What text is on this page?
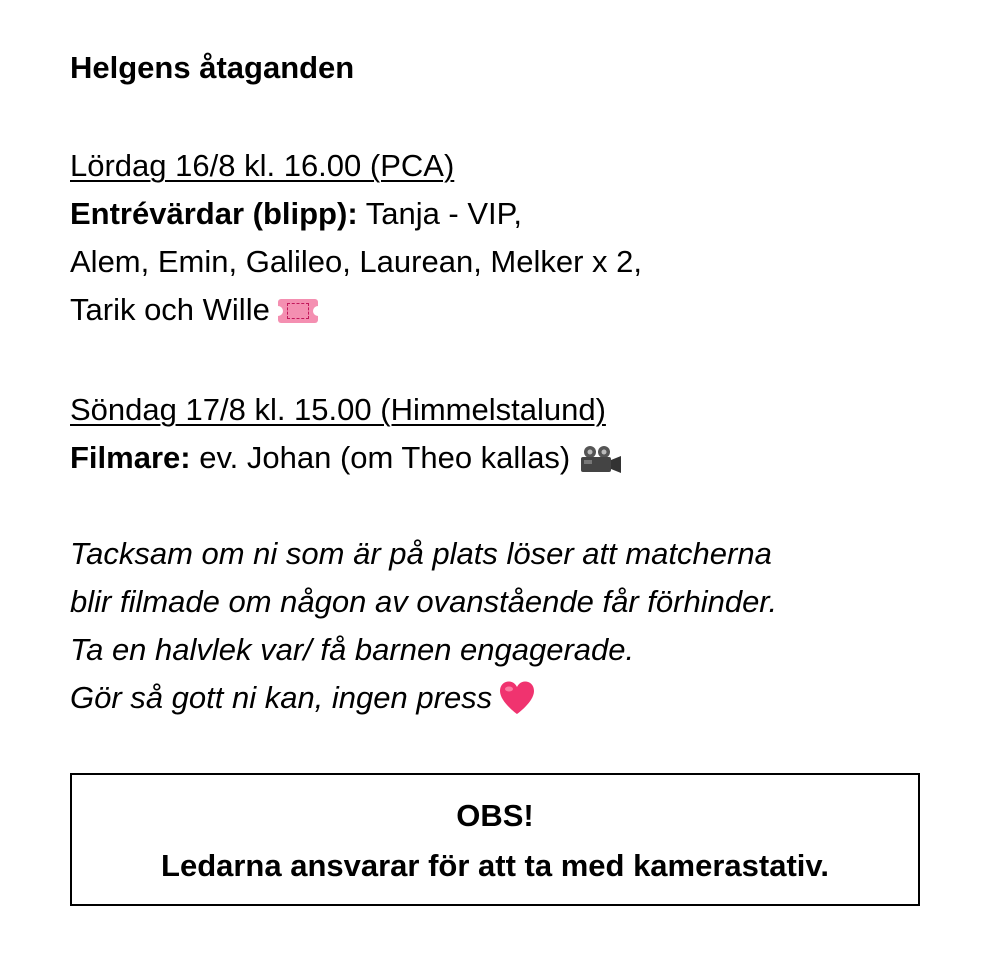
Helgens åtaganden
Lördag 16/8 kl. 16.00 (PCA)
Entrévärdar (blipp): Tanja - VIP,
Alem, Emin, Galileo, Laurean, Melker x 2,
Tarik och Wille
Söndag 17/8 kl. 15.00 (Himmelstalund)
Filmare: ev. Johan (om Theo kallas)
Tacksam om ni som är på plats löser att matcherna
blir filmade om någon av ovanstående får förhinder.
Ta en halvlek var/ få barnen engagerade.
Gör så gott ni kan, ingen press
OBS!
Ledarna ansvarar för att ta med kamerastativ.
